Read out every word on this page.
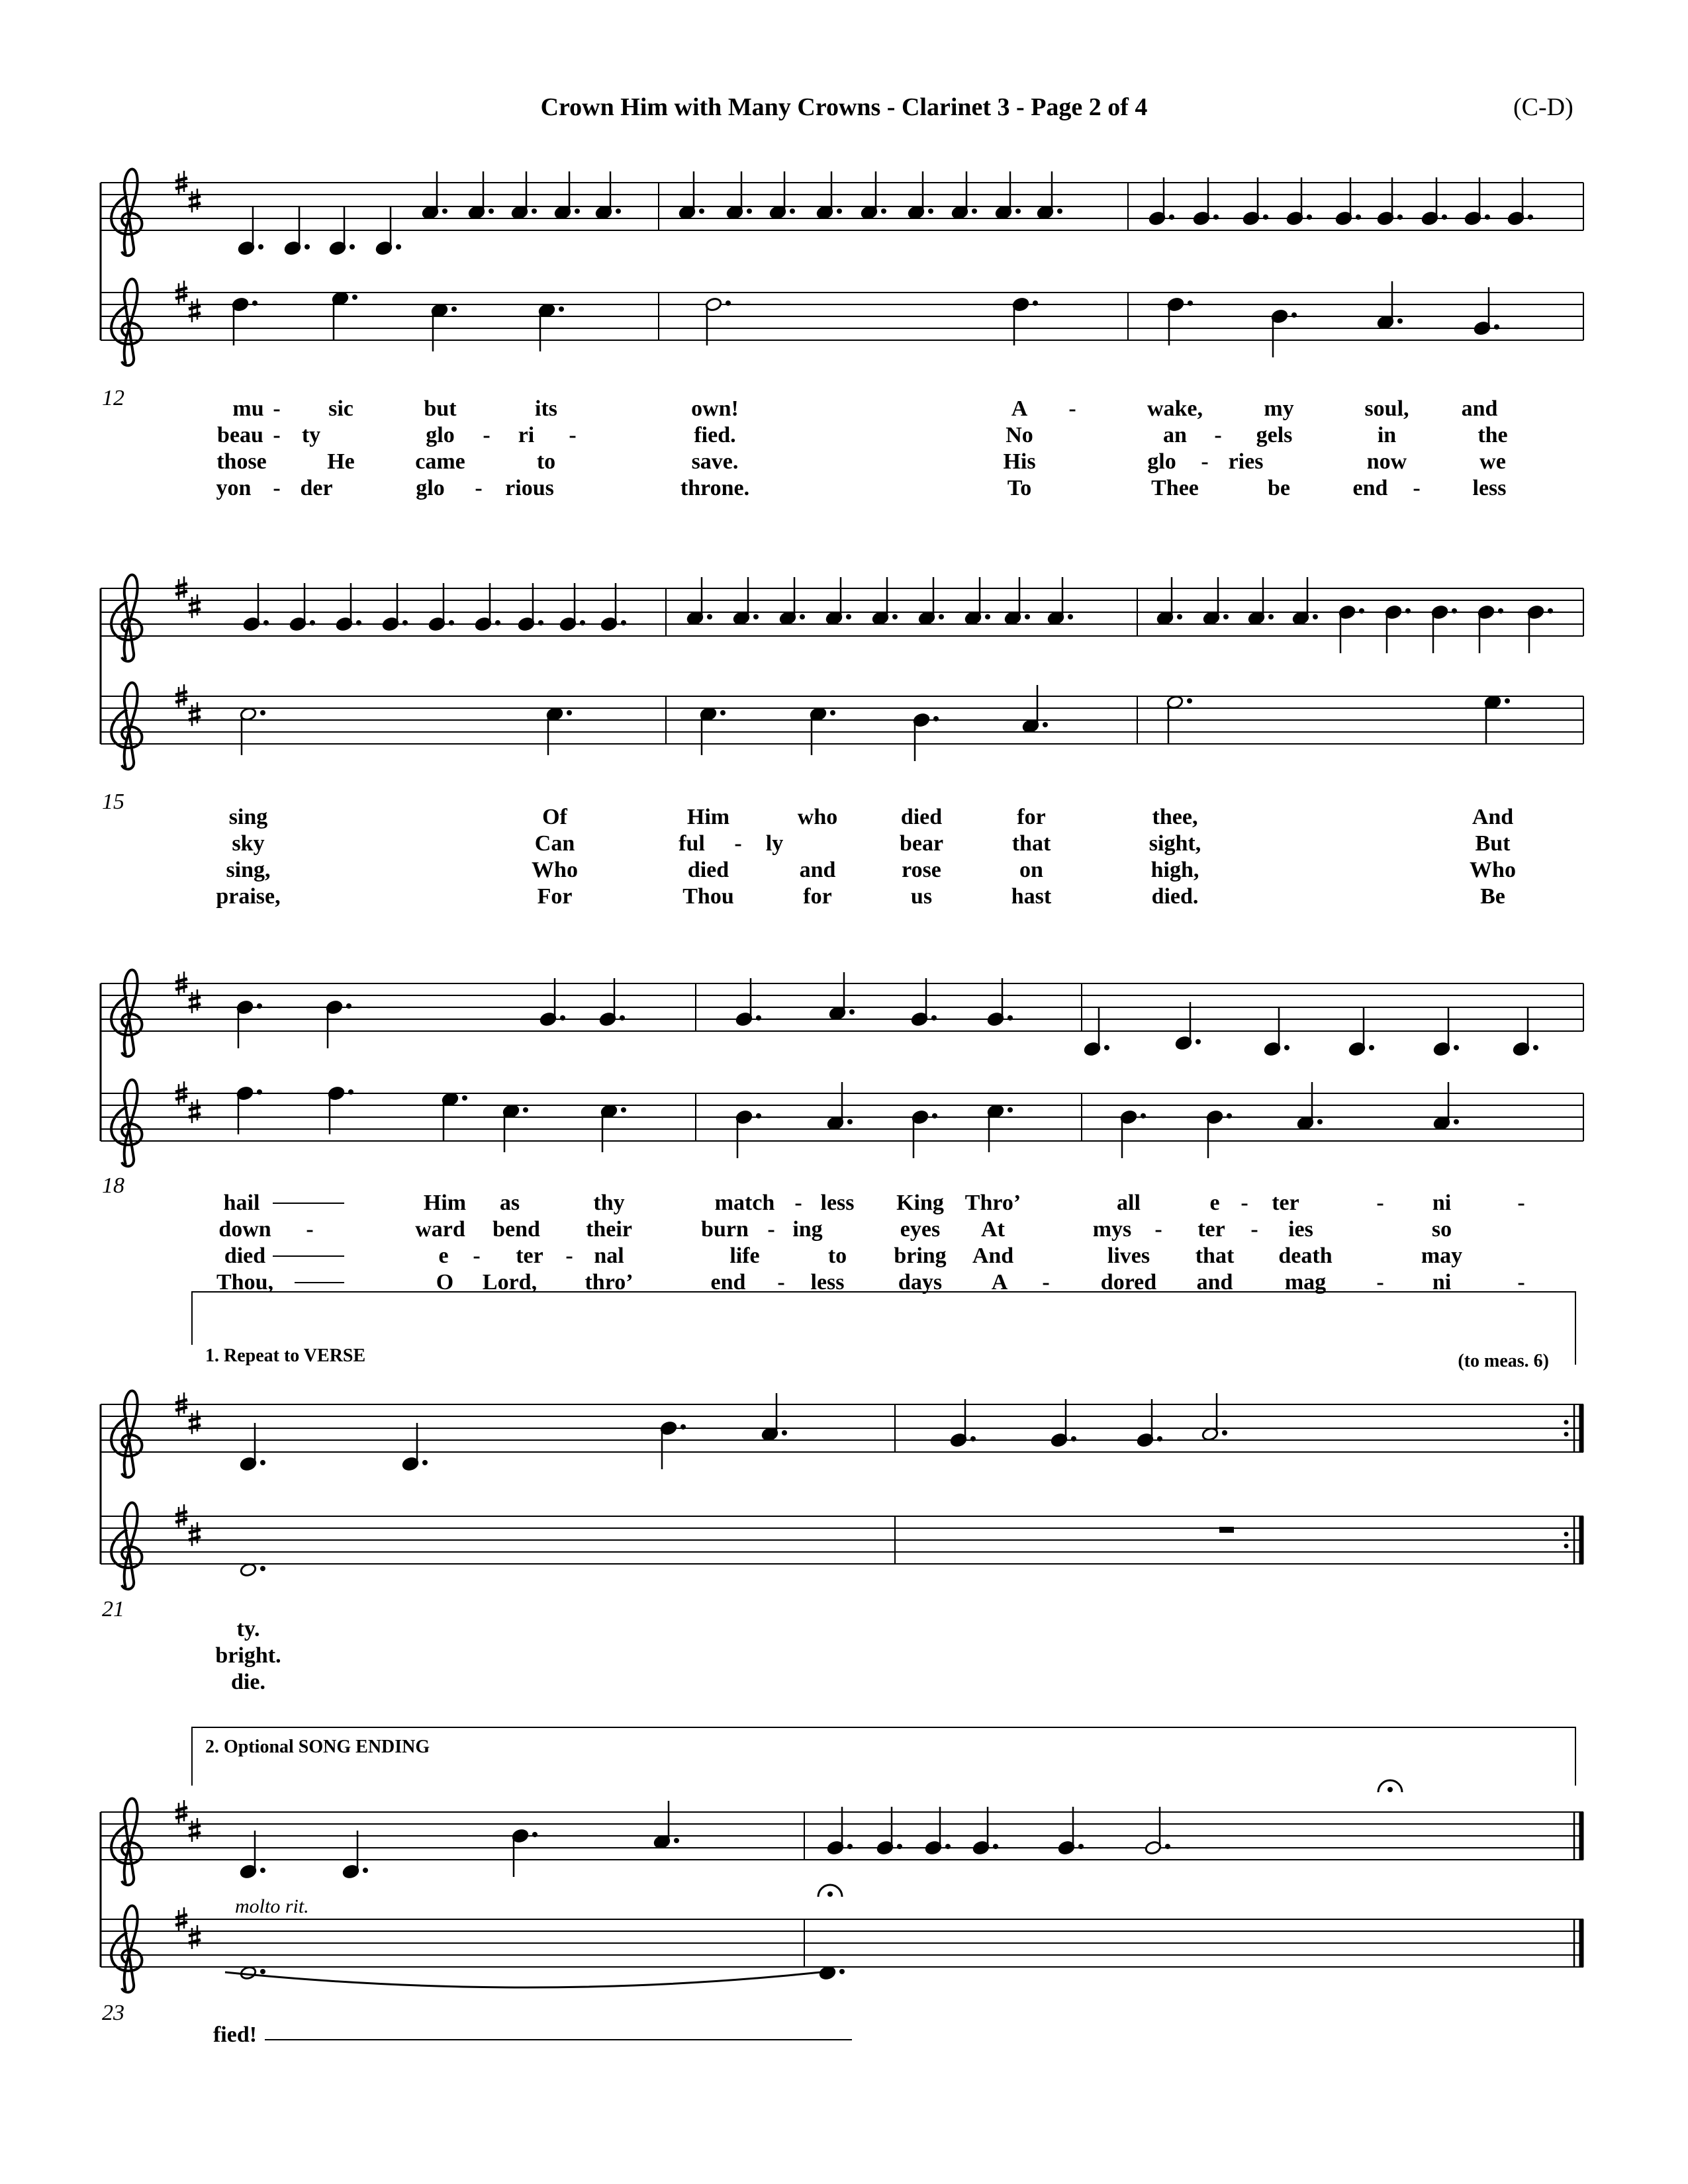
Crown Him with Many Crowns - Clarinet 3 - Page 2 of 4	(C-D)
12	mu - sic	but	its	own!	A -	wake,	my	soul, and
beau - ty	glo - ri -	fied.	No	an - gels	in	the
those	He	came	to	save.	His	glo - ries	now	we
yon - der	glo - rious	throne.	To	Thee	be	end - less
15
sing	Of	Him	who	died	for	thee,	And
sky	Can	ful - ly	bear	that	sight,	But
sing,	Who	died	and	rose	on	high,	Who
praise,	For	Thou	for	us	hast	died.	Be
18
hail	Him as	thy	match - less King Thro’	all	e - ter	- ni	-
down -	ward bend their	burn - ing	eyes At	mys - ter - ies	so
died	e - ter - nal	life	to bring And	lives that death	may
Thou,	O Lord, thro’	end - less days A - dored and mag - ni	-
21
1. Repeat to VERSE	(to meas. 6)
ty.
bright.
die.
23
2. Optional SONG ENDING
molto rit.
fied!
